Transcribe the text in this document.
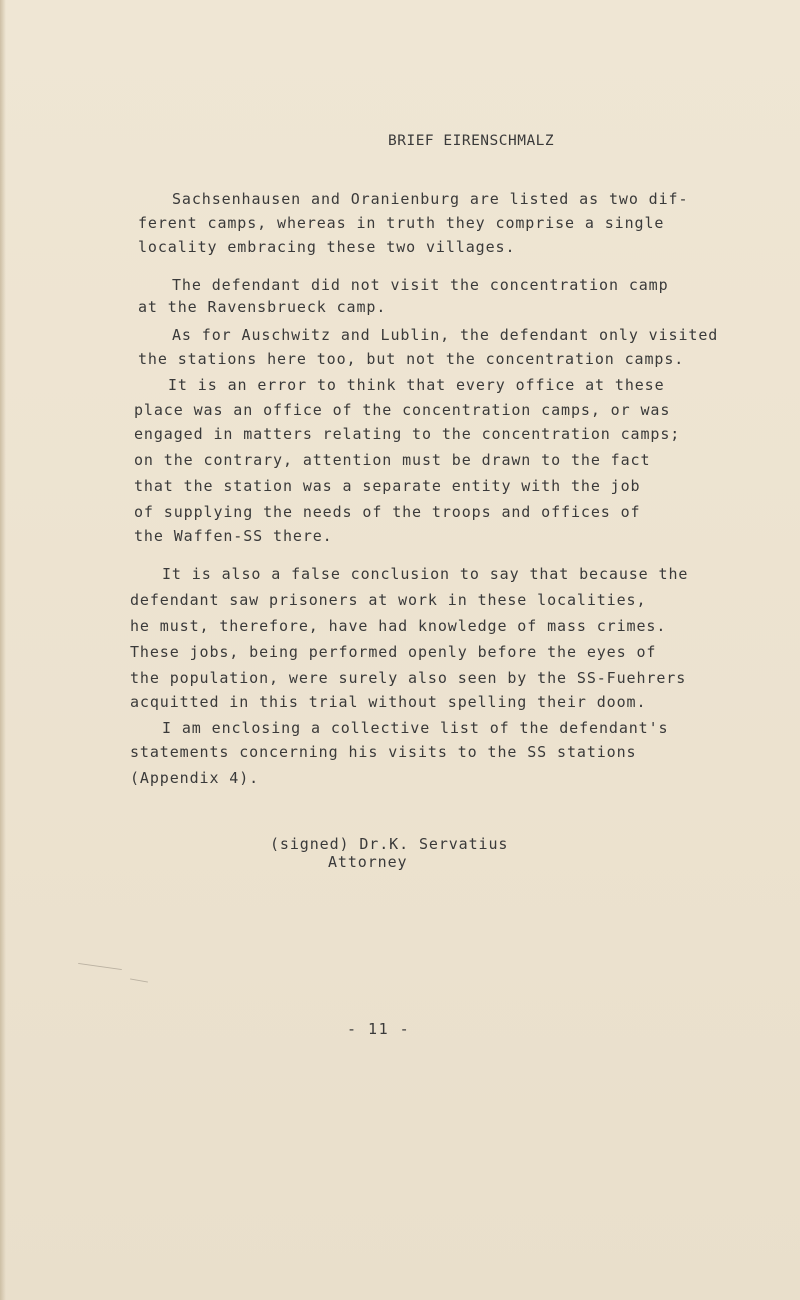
BRIEF EIRENSCHMALZ
Sachsenhausen and Oranienburg are listed as two dif-
ferent camps, whereas in truth they comprise a single
locality embracing these two villages.
The defendant did not visit the concentration camp
at the Ravensbrueck camp.
As for Auschwitz and Lublin, the defendant only visited
the stations here too, but not the concentration camps.
It is an error to think that every office at these
place was an office of the concentration camps, or was
engaged in matters relating to the concentration camps;
on the contrary, attention must be drawn to the fact
that the station was a separate entity with the job
of supplying the needs of the troops and offices of
the Waffen-SS there.
It is also a false conclusion to say that because the
defendant saw prisoners at work in these localities,
he must, therefore, have had knowledge of mass crimes.
These jobs, being performed openly before the eyes of
the population, were surely also seen by the SS-Fuehrers
acquitted in this trial without spelling their doom.
I am enclosing a collective list of the defendant's
statements concerning his visits to the SS stations
(Appendix 4).
(signed) Dr.K. Servatius
Attorney
- 11 -
